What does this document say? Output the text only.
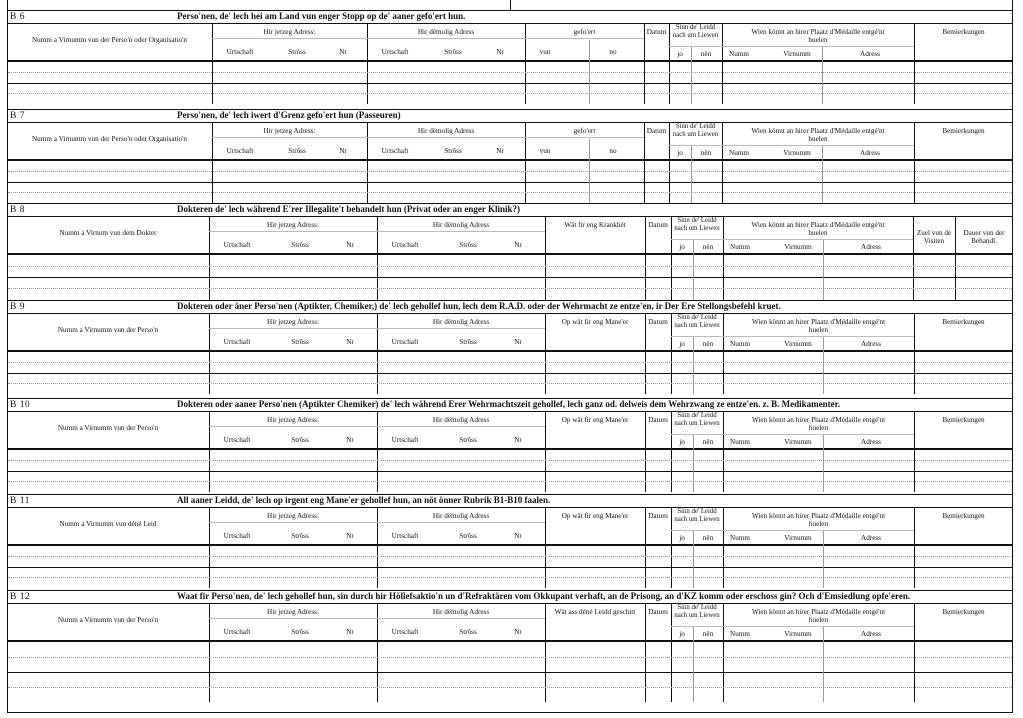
B 6	Perso'nen, de' lech hei am Land vun enger Stopp op de' aaner gefo'ert hun.
Numm a Virnumm vun der Perso'n oder Organisatio'n
Hir jetzeg Adress:
Urtschaft	Strôss	Nr
Hir dëmolig Adress
Urtschaft	Strôss	Nr
gefo'ert
vun	no
Datum
Sinn de' Leidd nach um Liewen
jo	nën
Wien könnt an hirer Plaatz d'Médaille entgé'nt huelen
Numm	Virnumm	Adress
Bemierkungen
B 7	Perso'nen, de' lech iwert d'Grenz gefo'ert hun (Passeuren)
Numm a Virnumm vun der Perso'n oder Organisatio'n
Hir jetzeg Adress:
Urtschaft	Strôss	Nr
Hir dëmolig Adress
Urtschaft	Strôss	Nr
gefo'ert
vun	no
Datum
Sinn de' Leidd nach um Liewen
jo	nën
Wien könnt an hirer Plaatz d'Médaille entgé'nt huelen
Numm	Virnumm	Adress
Bemierkungen
B 8	Dokteren de' lech während E'rer Illegalite't behandelt hun (Privat oder an enger Klinik?)
Numm a Virnum vun dem Dokter
Hir jetzeg Adress:
Urtschaft	Strôss	Nr
Hir dëmolig Adress
Urtschaft	Strôss	Nr
Wät fir eng Krankhét	Datum
Sinn de' Leidd nach um Liewen
jo	nën
Wien könnt an hirer Plaatz d'Médaille entgé'nt huelen
Numm	Virnumm	Adress
Zuel vun de Visiten
Dauer vun der Behandl.
B 9	Dokteren oder âner Perso'nen (Aptikter, Chemiker,) de' lech gehollef hun, lech dem R.A.D. oder der Wehrmacht ze entze'en, ir Der Ere Stellongsbefehl kruet.
Numm a Virnumm vun der Perso'n
Hir jetzeg Adress:
Urtschaft	Strôss	Nr
Hir dëmolig Adress
Urtschaft	Strôss	Nr
Op wät fir eng Mane'er	Datum
Sinn de' Leidd nach um Liewen
jo	nën
Wien könnt an hirer Plaatz d'Médaille entgé'nt huelen
Numm	Virnumm	Adress
Bemierkungen
B 10	Dokteren oder aaner Perso'nen (Aptikter Chemiker) de' lech während Erer Wehrmachtszeit gehollef, lech ganz od. delweis dem Wehrzwang ze entze'en. z. B. Medikamenter.
Numm a Virnumm vun der Perso'n
Hir jetzeg Adress:
Urtschaft	Strôss	Nr
Hir dëmolig Adress
Urtschaft	Strôss	Nr
Op wät fir eng Mane'er	Datum
Sinn de' Leidd nach um Liewen
jo	nën
Wien könnt an hirer Plaatz d'Médaille entgé'nt huelen
Numm	Virnumm	Adress
Bemierkungen
B 11	All aaner Leidd, de' lech op irgent eng Mane'er gehollef hun, an nöt önner Rubrik B1-B10 faalen.
Numm a Virnumm vun déné Leid
Hir jetzeg Adress:
Urtschaft	Strôss	Nr
Hir dëmolig Adress
Urtschaft	Strôss	Nr
Op wät fir eng Mane'er	Datum
Sinn de' Leidd nach um Liewen
jo	nën
Wien könnt an hirer Plaatz d'Médaille entgé'nt huelen
Numm	Virnumm	Adress
Bemierkungen
B 12	Waat fir Perso'nen, de' lech gehollef hun, sin durch hir Höllefsaktio'n un d'Refraktären vom Okkupant verhaft, an de Prisong, an d'KZ komm oder erschoss gin? Och d'Emsiedlung opfe'eren.
Numm a Virnumm vun der Perso'n
Hir jetzeg Adress:
Urtschaft	Strôss	Nr
Hir dëmolig Adress
Urtschaft	Strôss	Nr
Wät ass déné Leidd geschitt	Datum
Sinn de' Leidd nach um Liewen
jo	nën
Wien könnt an hirer Plaatz d'Médaille entgé'nt huelen
Numm	Virnumm	Adress
Bemierkungen
